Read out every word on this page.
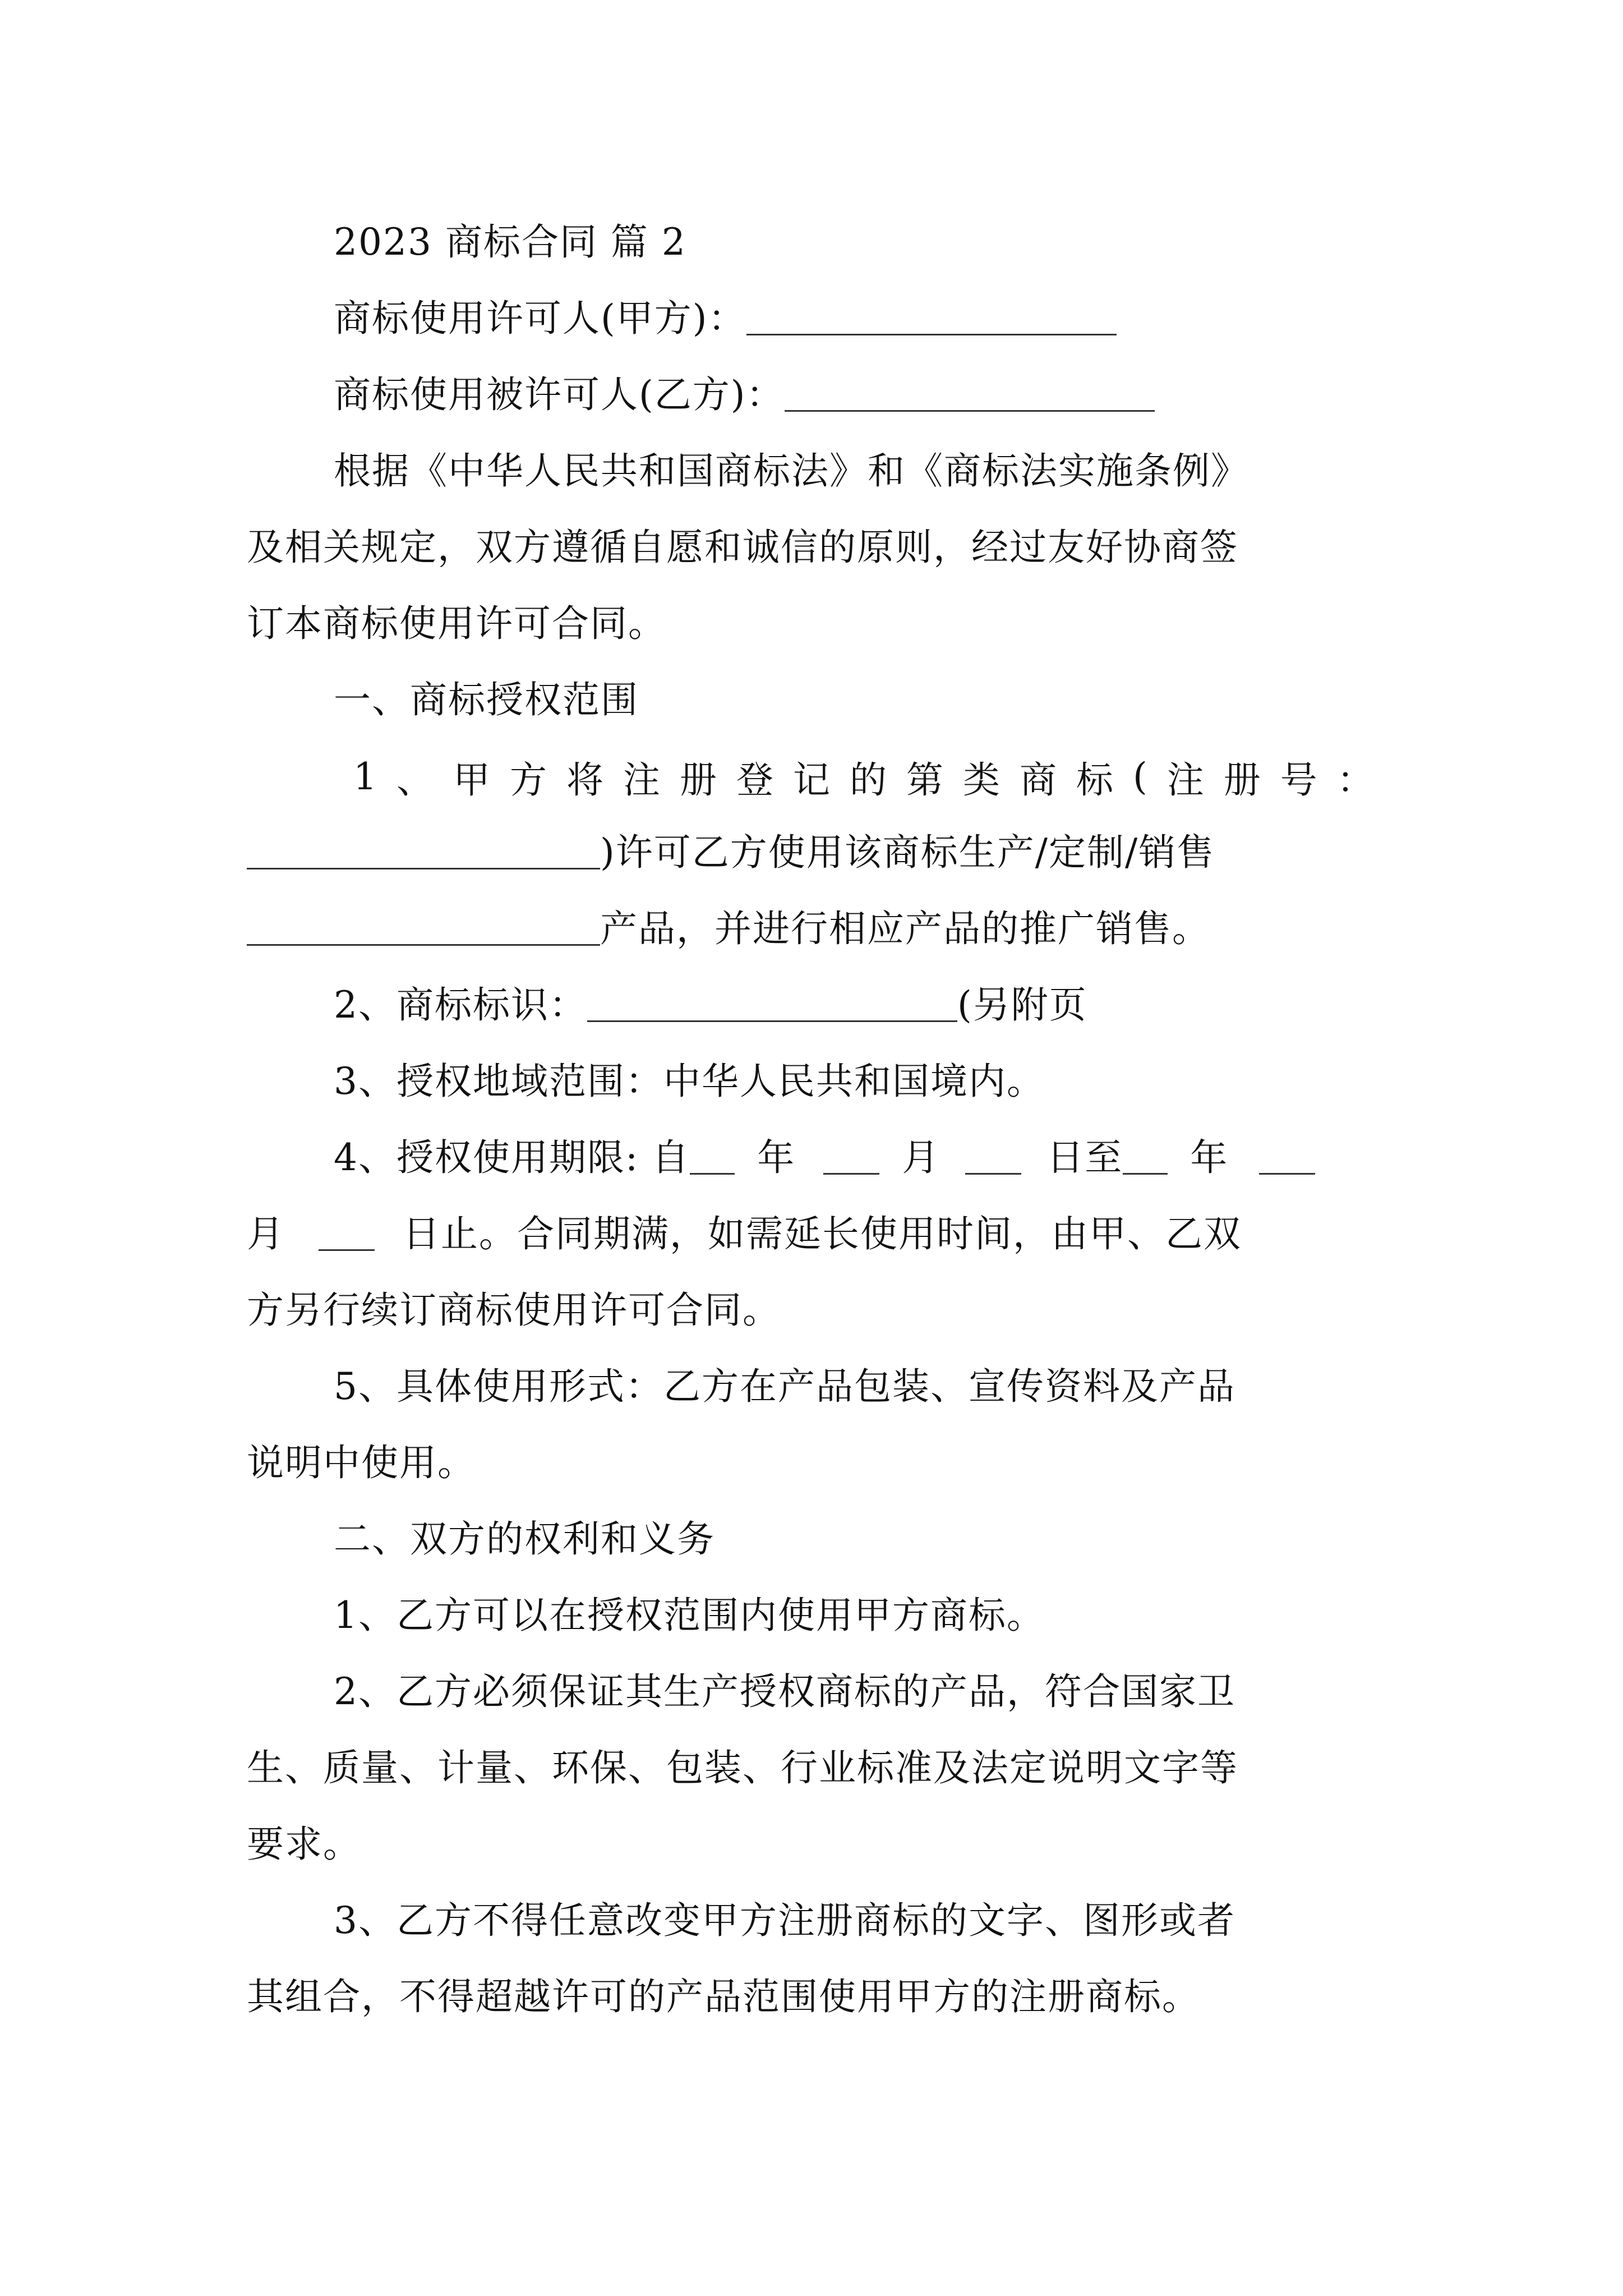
2023 商标合同 篇 2
商标使用许可人(甲方)：
商标使用被许可人(乙方)：
根据《中华人民共和国商标法》和《商标法实施条例》
及相关规定，双方遵循自愿和诚信的原则，经过友好协商签
订本商标使用许可合同。
一、商标授权范围
1 、 甲 方 将 注 册 登 记 的 第 类 商 标 ( 注 册 号 ：
)许可乙方使用该商标生产/定制/销售
产品，并进行相应产品的推广销售。
2、商标标识：	(另附页
3、授权地域范围：中华人民共和国境内。
4、授权使用期限: 自 年	月	日至 年
月	日止。合同期满，如需延长使用时间，由甲、乙双
方另行续订商标使用许可合同。
5、具体使用形式：乙方在产品包装、宣传资料及产品
说明中使用。
二、双方的权利和义务
1、乙方可以在授权范围内使用甲方商标。
2、乙方必须保证其生产授权商标的产品，符合国家卫
生、质量、计量、环保、包装、行业标准及法定说明文字等
要求。
3、乙方不得任意改变甲方注册商标的文字、图形或者
其组合，不得超越许可的产品范围使用甲方的注册商标。
